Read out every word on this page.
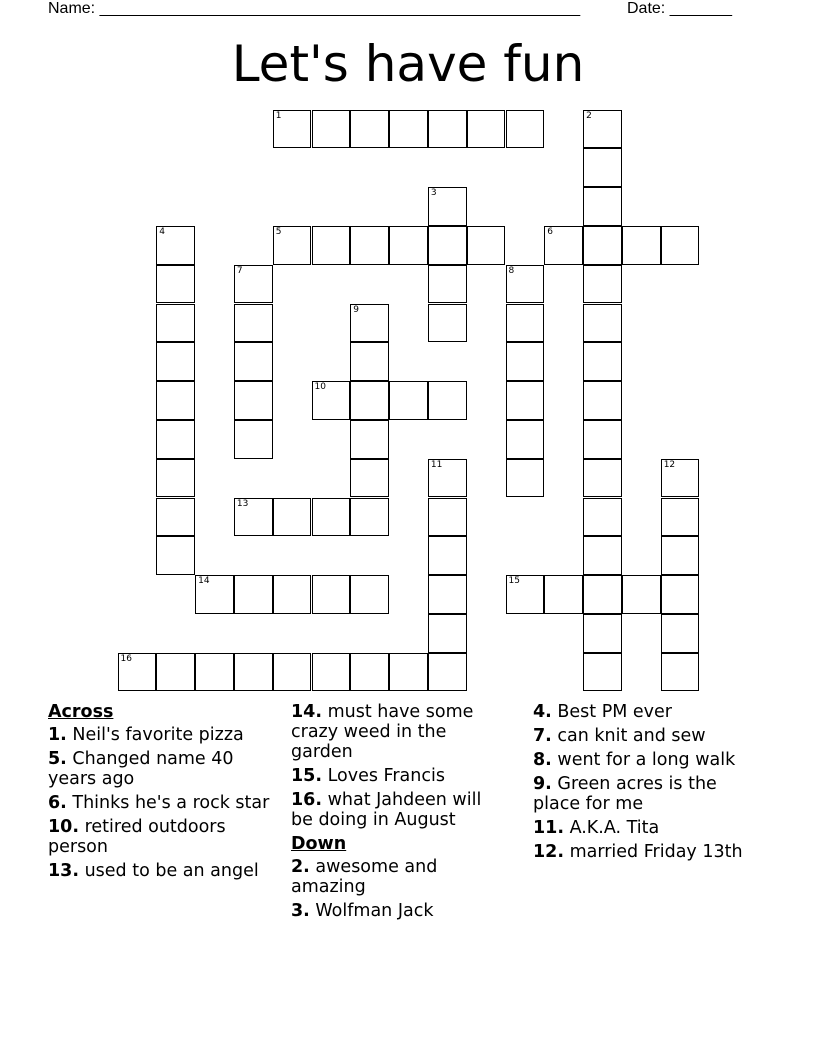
Name: ______________________________________________________	Date: _______
Let's have fun
1
5	6
10
13
14	15
16
2
3
4
7	8
9
11	12
Across
1. Neil's favorite pizza
5. Changed name 40 years ago
6. Thinks he's a rock star
10. retired outdoors person
13. used to be an angel
14. must have some crazy weed in the garden
15. Loves Francis
16. what Jahdeen will be doing in August
Down
2. awesome and amazing
3. Wolfman Jack
4. Best PM ever
7. can knit and sew
8. went for a long walk
9. Green acres is the place for me
11. A.K.A. Tita
12. married Friday 13th
